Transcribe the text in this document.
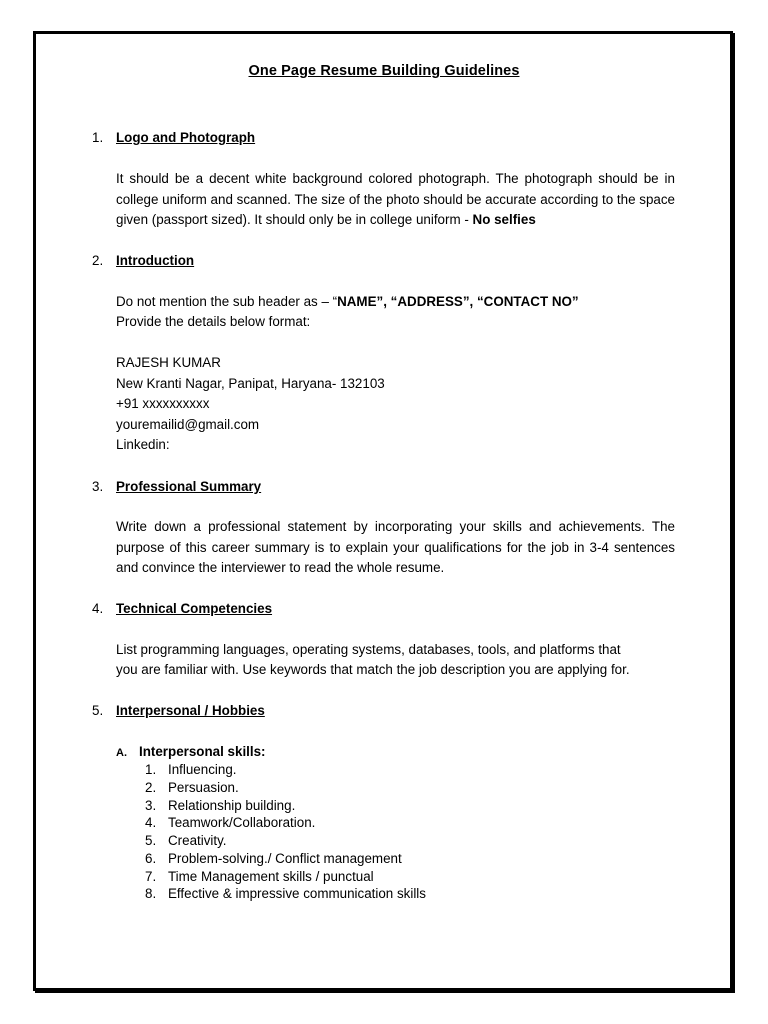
One Page Resume Building Guidelines
1. Logo and Photograph
It should be a decent white background colored photograph. The photograph should be in college uniform and scanned. The size of the photo should be accurate according to the space given (passport sized). It should only be in college uniform - No selfies
2. Introduction
Do not mention the sub header as – “NAME”, “ADDRESS”, “CONTACT NO”
Provide the details below format:
RAJESH KUMAR
New Kranti Nagar, Panipat, Haryana- 132103
+91 xxxxxxxxxx
youremailid@gmail.com
Linkedin:
3. Professional Summary
Write down a professional statement by incorporating your skills and achievements. The purpose of this career summary is to explain your qualifications for the job in 3-4 sentences and convince the interviewer to read the whole resume.
4. Technical Competencies
List programming languages, operating systems, databases, tools, and platforms that
you are familiar with. Use keywords that match the job description you are applying for.
5. Interpersonal / Hobbies
A. Interpersonal skills:
1. Influencing.
2. Persuasion.
3. Relationship building.
4. Teamwork/Collaboration.
5. Creativity.
6. Problem-solving./ Conflict management
7. Time Management skills / punctual
8. Effective & impressive communication skills
